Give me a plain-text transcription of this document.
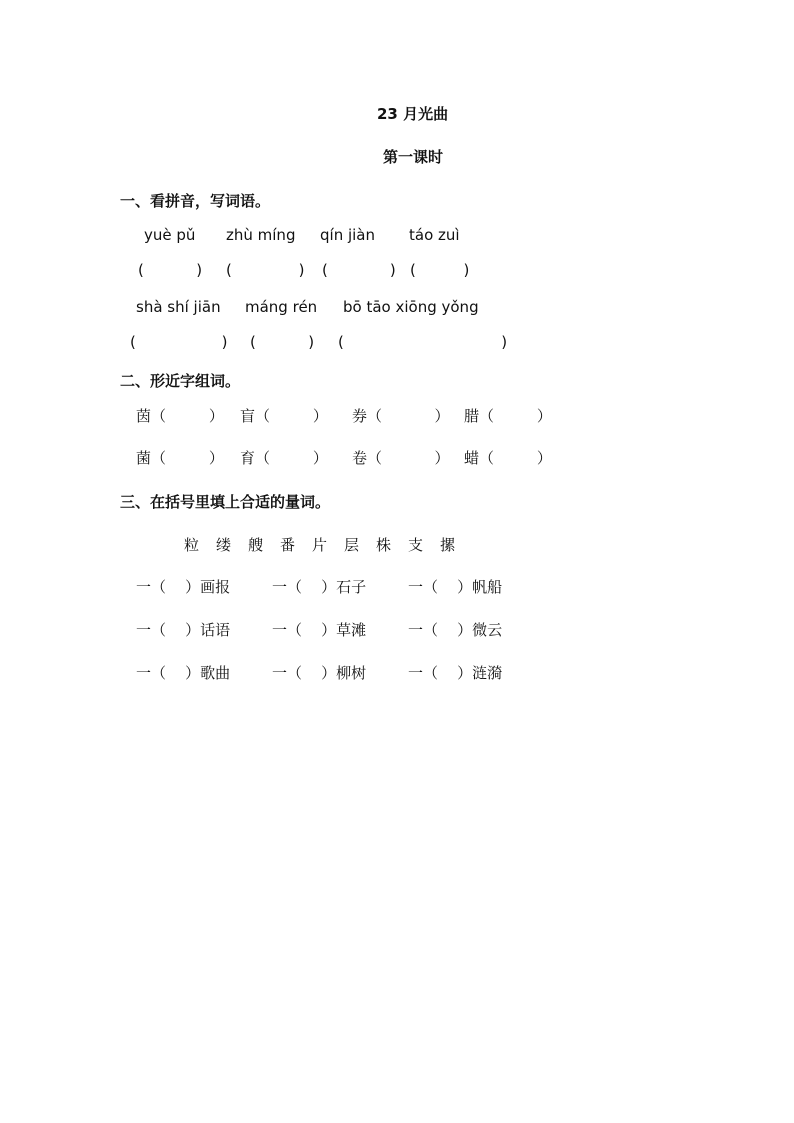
23 月光曲
第一课时
一、看拼音，写词语。
yuè pǔ zhù míng qín jiàn táo zuì
(           ) (              ) (             ) (          )
shà shí jiān máng rén bō tāo xiōng yǒng
(                  ) (           ) (                                 )
二、形近字组词。
茵（         ） 盲（         ） 券（           ） 腊（         ）
菌（         ） 育（         ） 卷（           ） 蜡（         ）
三、在括号里填上合适的量词。
粒 缕 艘 番 片 层 株 支 摞
一（    ）画报	一（    ）石子	一（    ）帆船
一（    ）话语	一（    ）草滩	一（    ）微云
一（    ）歌曲	一（    ）柳树	一（    ）涟漪
